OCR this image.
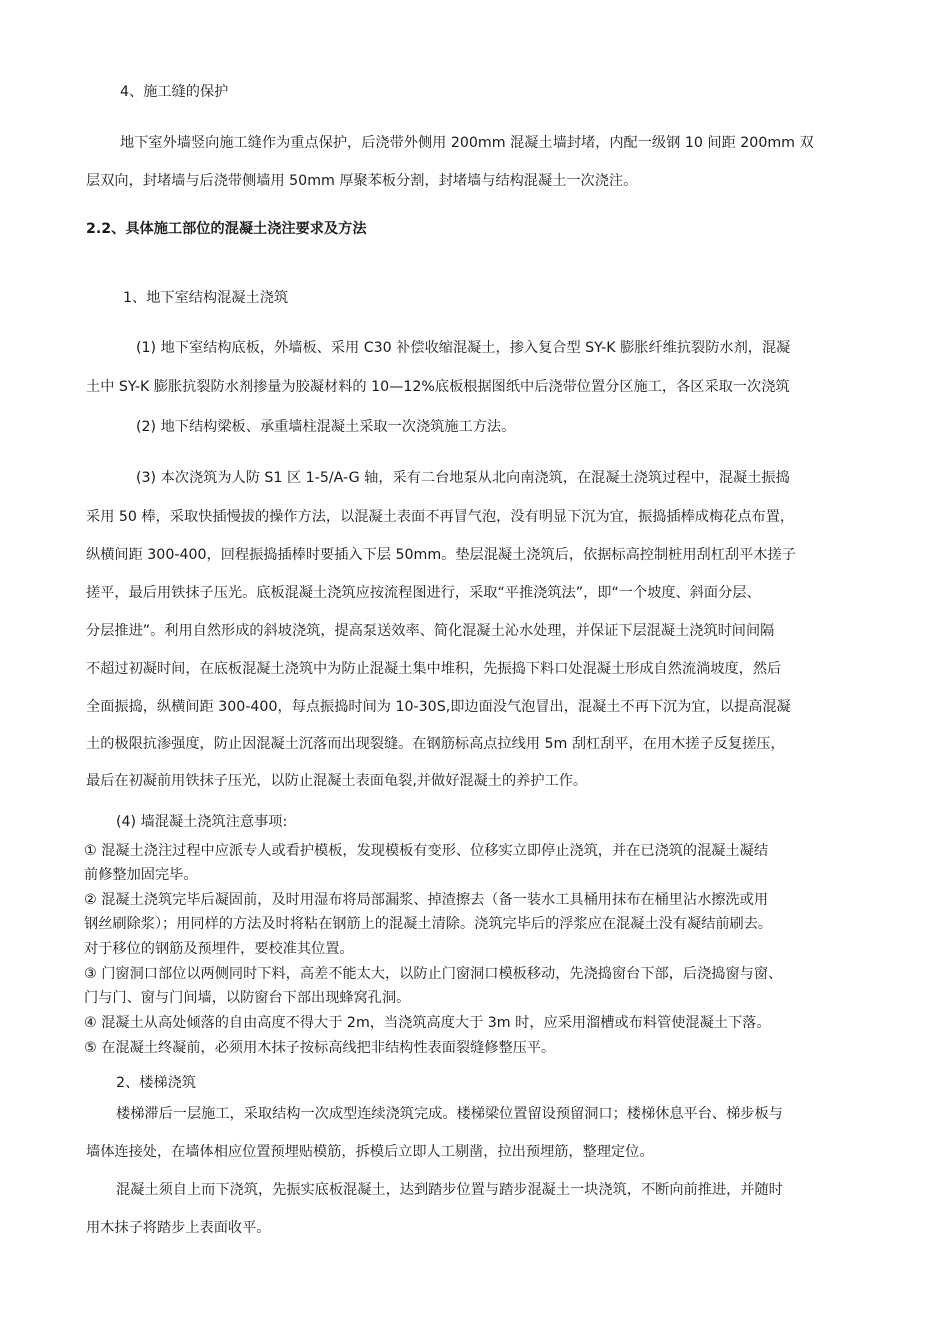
4、施工缝的保护
地下室外墙竖向施工缝作为重点保护，后浇带外侧用 200mm 混凝土墙封堵，内配一级钢 10 间距 200mm 双
层双向，封堵墙与后浇带侧墙用 50mm 厚聚苯板分割，封堵墙与结构混凝土一次浇注。
2.2、具体施工部位的混凝土浇注要求及方法
1、地下室结构混凝土浇筑
(1) 地下室结构底板，外墙板、采用 C30 补偿收缩混凝土，掺入复合型 SY-K 膨胀纤维抗裂防水剂，混凝
土中 SY-K 膨胀抗裂防水剂掺量为胶凝材料的 10—12%底板根据图纸中后浇带位置分区施工，各区采取一次浇筑
(2) 地下结构梁板、承重墙柱混凝土采取一次浇筑施工方法。
(3) 本次浇筑为人防 S1 区 1-5/A-G 轴，采有二台地泵从北向南浇筑，在混凝土浇筑过程中，混凝土振捣
采用 50 棒，采取快插慢拔的操作方法，以混凝土表面不再冒气泡，没有明显下沉为宜，振捣插棒成梅花点布置，
纵横间距 300-400，回程振捣插棒时要插入下层 50mm。垫层混凝土浇筑后，依据标高控制桩用刮杠刮平木搓子
搓平，最后用铁抹子压光。底板混凝土浇筑应按流程图进行，采取“平推浇筑法”，即“一个坡度、斜面分层、
分层推进”。利用自然形成的斜坡浇筑，提高泵送效率、简化混凝土沁水处理，并保证下层混凝土浇筑时间间隔
不超过初凝时间，在底板混凝土浇筑中为防止混凝土集中堆积，先振捣下料口处混凝土形成自然流淌坡度，然后
全面振捣，纵横间距 300-400，每点振捣时间为 10-30S,即边面没气泡冒出，混凝土不再下沉为宜，以提高混凝
土的极限抗渗强度，防止因混凝土沉落而出现裂缝。在钢筋标高点拉线用 5m 刮杠刮平，在用木搓子反复搓压，
最后在初凝前用铁抹子压光，以防止混凝土表面龟裂,并做好混凝土的养护工作。
(4) 墙混凝土浇筑注意事项:
① 混凝土浇注过程中应派专人或看护模板，发现模板有变形、位移实立即停止浇筑，并在已浇筑的混凝土凝结
前修整加固完毕。
② 混凝土浇筑完毕后凝固前，及时用湿布将局部漏浆、掉渣擦去（备一装水工具桶用抹布在桶里沾水擦洗或用
钢丝刷除浆）；用同样的方法及时将粘在钢筋上的混凝土清除。浇筑完毕后的浮浆应在混凝土没有凝结前刷去。
对于移位的钢筋及预埋件，要校准其位置。
③ 门窗洞口部位以两侧同时下料，高差不能太大，以防止门窗洞口模板移动，先浇捣窗台下部，后浇捣窗与窗、
门与门、窗与门间墙，以防窗台下部出现蜂窝孔洞。
④ 混凝土从高处倾落的自由高度不得大于 2m，当浇筑高度大于 3m 时，应采用溜槽或布料管使混凝土下落。
⑤ 在混凝土终凝前，必须用木抹子按标高线把非结构性表面裂缝修整压平。
2、楼梯浇筑
楼梯滞后一层施工，采取结构一次成型连续浇筑完成。楼梯梁位置留设预留洞口；楼梯休息平台、梯步板与
墙体连接处，在墙体相应位置预埋贴模筋，拆模后立即人工剔凿，拉出预埋筋，整理定位。
混凝土须自上而下浇筑，先振实底板混凝土，达到踏步位置与踏步混凝土一块浇筑，不断向前推进，并随时
用木抹子将踏步上表面收平。
